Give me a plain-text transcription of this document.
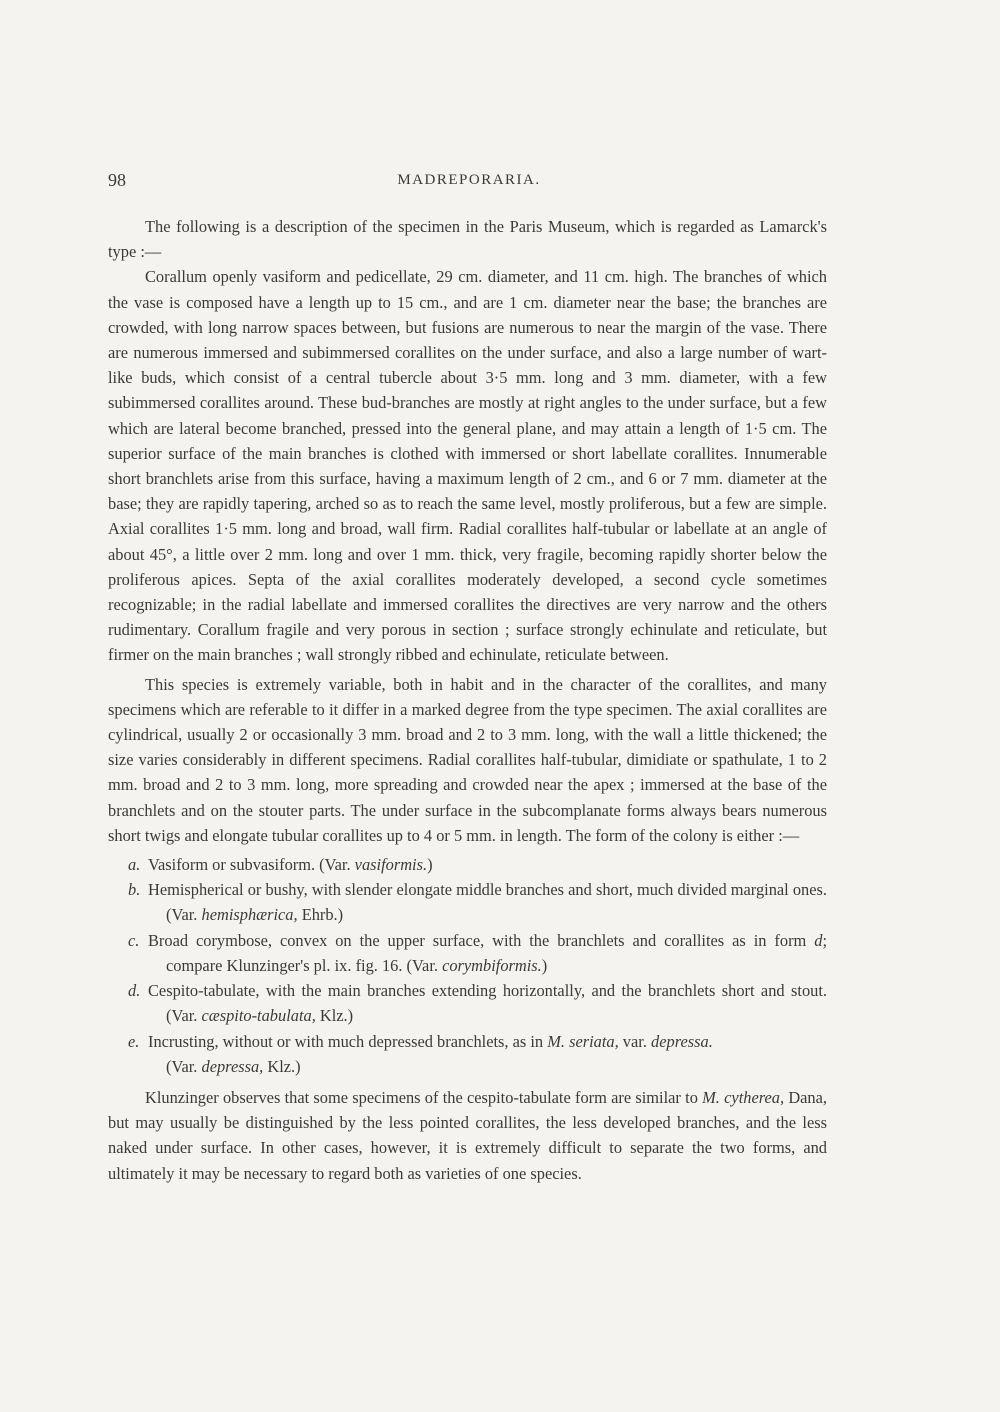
98	MADREPORARIA.

The following is a description of the specimen in the Paris Museum, which is regarded as Lamarck's type :—

Corallum openly vasiform and pedicellate, 29 cm. diameter, and 11 cm. high. The branches of which the vase is composed have a length up to 15 cm., and are 1 cm. diameter near the base; the branches are crowded, with long narrow spaces between, but fusions are numerous to near the margin of the vase. There are numerous immersed and subimmersed corallites on the under surface, and also a large number of wart-like buds, which consist of a central tubercle about 3·5 mm. long and 3 mm. diameter, with a few subimmersed corallites around. These bud-branches are mostly at right angles to the under surface, but a few which are lateral become branched, pressed into the general plane, and may attain a length of 1·5 cm. The superior surface of the main branches is clothed with immersed or short labellate corallites. Innumerable short branchlets arise from this surface, having a maximum length of 2 cm., and 6 or 7 mm. diameter at the base; they are rapidly tapering, arched so as to reach the same level, mostly proliferous, but a few are simple. Axial corallites 1·5 mm. long and broad, wall firm. Radial corallites half-tubular or labellate at an angle of about 45°, a little over 2 mm. long and over 1 mm. thick, very fragile, becoming rapidly shorter below the proliferous apices. Septa of the axial corallites moderately developed, a second cycle sometimes recognizable; in the radial labellate and immersed corallites the directives are very narrow and the others rudimentary. Corallum fragile and very porous in section ; surface strongly echinulate and reticulate, but firmer on the main branches ; wall strongly ribbed and echinulate, reticulate between.

This species is extremely variable, both in habit and in the character of the corallites, and many specimens which are referable to it differ in a marked degree from the type specimen. The axial corallites are cylindrical, usually 2 or occasionally 3 mm. broad and 2 to 3 mm. long, with the wall a little thickened; the size varies considerably in different specimens. Radial corallites half-tubular, dimidiate or spathulate, 1 to 2 mm. broad and 2 to 3 mm. long, more spreading and crowded near the apex ; immersed at the base of the branchlets and on the stouter parts. The under surface in the subcomplanate forms always bears numerous short twigs and elongate tubular corallites up to 4 or 5 mm. in length. The form of the colony is either :—

a. Vasiform or subvasiform. (Var. vasiformis.)
b. Hemispherical or bushy, with slender elongate middle branches and short, much divided marginal ones. (Var. hemisphærica, Ehrb.)
c. Broad corymbose, convex on the upper surface, with the branchlets and corallites as in form d; compare Klunzinger's pl. ix. fig. 16. (Var. corymbiformis.)
d. Cespito-tabulate, with the main branches extending horizontally, and the branchlets short and stout. (Var. cæspito-tabulata, Klz.)
e. Incrusting, without or with much depressed branchlets, as in M. seriata, var. depressa.
(Var. depressa, Klz.)

Klunzinger observes that some specimens of the cespito-tabulate form are similar to M. cytherea, Dana, but may usually be distinguished by the less pointed corallites, the less developed branches, and the less naked under surface. In other cases, however, it is extremely difficult to separate the two forms, and ultimately it may be necessary to regard both as varieties of one species.
